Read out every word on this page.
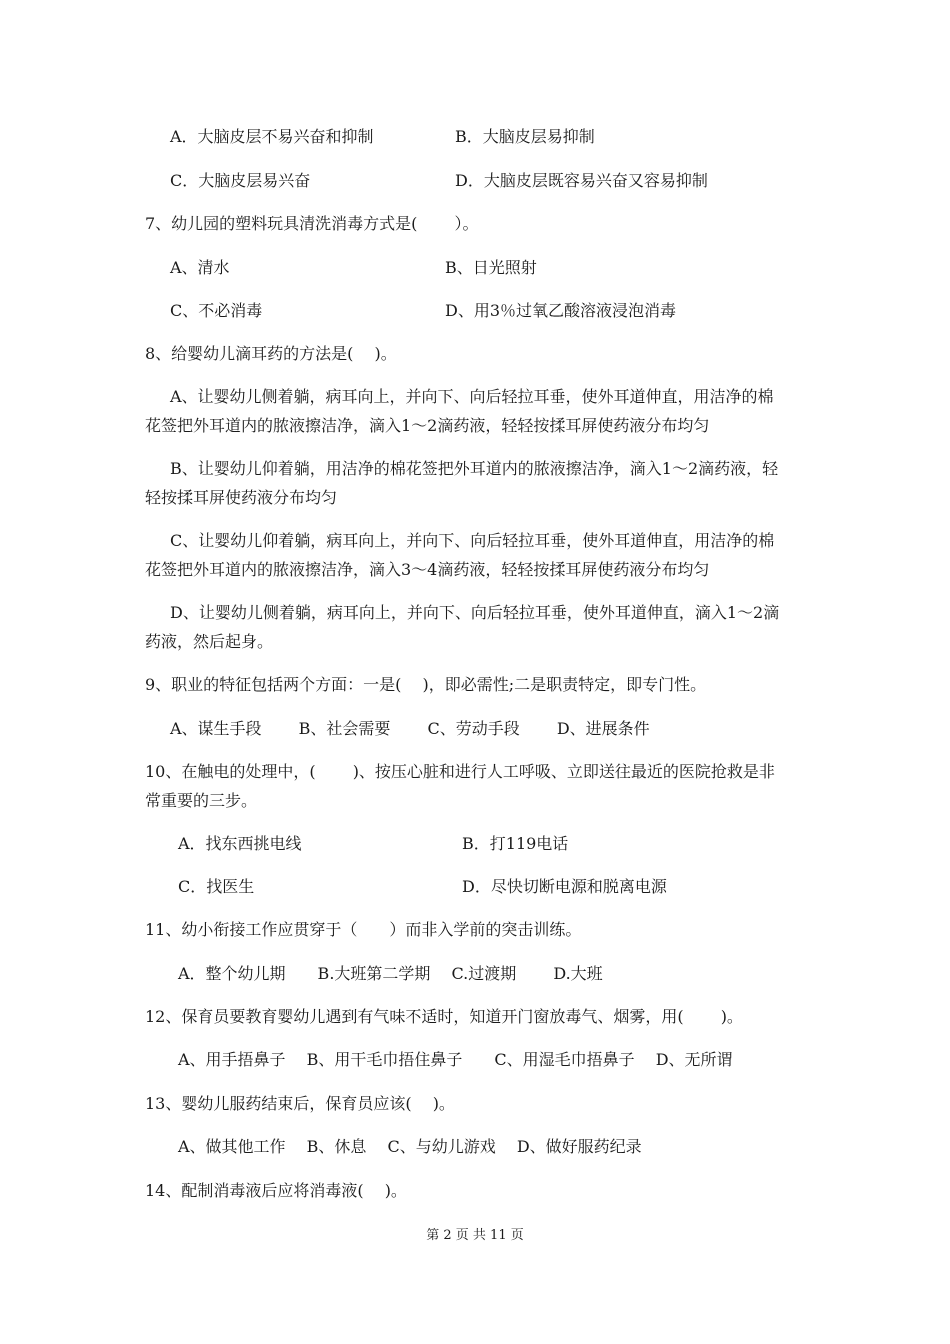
A．大脑皮层不易兴奋和抑制	B．大脑皮层易抑制
C．大脑皮层易兴奋	D．大脑皮层既容易兴奋又容易抑制
7、幼儿园的塑料玩具清洗消毒方式是(　　 ）。
A、清水	B、日光照射
C、不必消毒	D、用3％过氧乙酸溶液浸泡消毒
8、给婴幼儿滴耳药的方法是(　 )。
A、让婴幼儿侧着躺，病耳向上，并向下、向后轻拉耳垂，使外耳道伸直，用洁净的棉
花签把外耳道内的脓液擦洁净，滴入1～2滴药液，轻轻按揉耳屏使药液分布均匀
B、让婴幼儿仰着躺，用洁净的棉花签把外耳道内的脓液擦洁净，滴入1～2滴药液，轻
轻按揉耳屏使药液分布均匀
C、让婴幼儿仰着躺，病耳向上，并向下、向后轻拉耳垂，使外耳道伸直，用洁净的棉
花签把外耳道内的脓液擦洁净，滴入3～4滴药液，轻轻按揉耳屏使药液分布均匀
D、让婴幼儿侧着躺，病耳向上，并向下、向后轻拉耳垂，使外耳道伸直，滴入1～2滴
药液，然后起身。
9、职业的特征包括两个方面：一是(　 )，即必需性;二是职责特定，即专门性。
A、谋生手段　　 B、社会需要　　 C、劳动手段　　 D、进展条件
10、在触电的处理中，(　　 )、按压心脏和进行人工呼吸、立即送往最近的医院抢救是非
常重要的三步。
A．找东西挑电线	B．打119电话
C．找医生	D．尽快切断电源和脱离电源
11、幼小衔接工作应贯穿于（　　）而非入学前的突击训练。
A．整个幼儿期　　B.大班第二学期　 C.过渡期　　 D.大班
12、保育员要教育婴幼儿遇到有气味不适时，知道开门窗放毒气、烟雾，用(　　 )。
A、用手捂鼻子　 B、用干毛巾捂住鼻子　　C、用湿毛巾捂鼻子　 D、无所谓
13、婴幼儿服药结束后，保育员应该(　 )。
A、做其他工作　 B、休息　 C、与幼儿游戏　 D、做好服药纪录
14、配制消毒液后应将消毒液(　 )。
第 2 页 共 11 页
